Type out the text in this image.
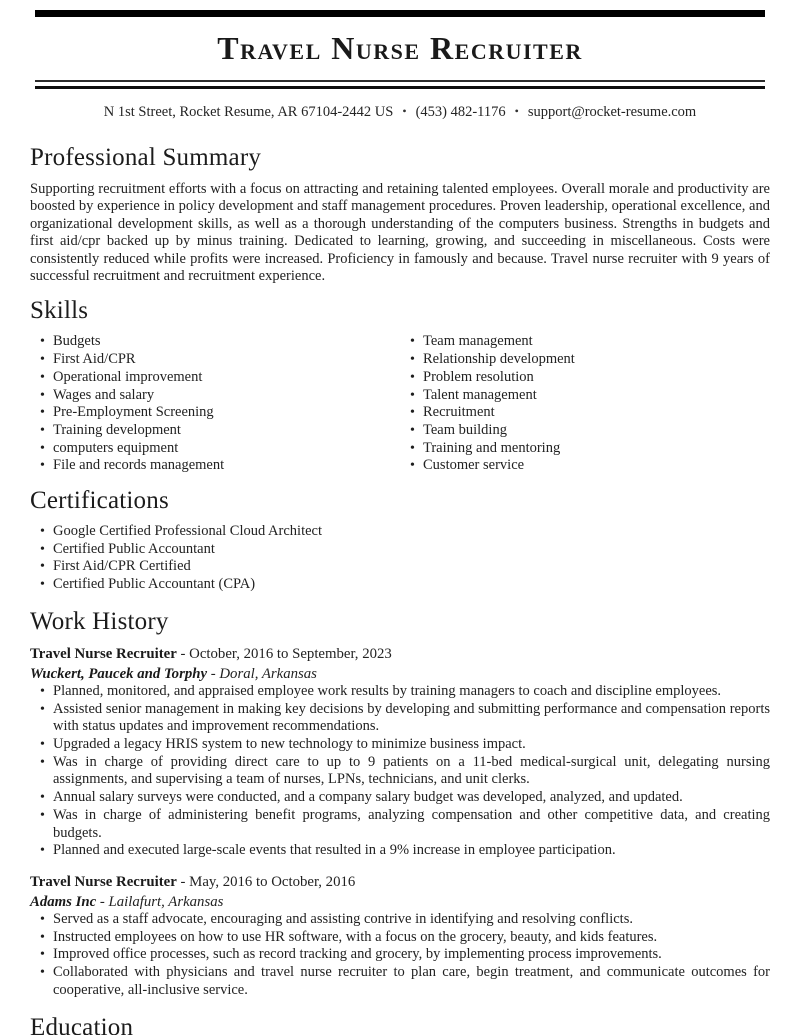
Travel Nurse Recruiter
N 1st Street, Rocket Resume, AR 67104-2442 US • (453) 482-1176 • support@rocket-resume.com
Professional Summary

Supporting recruitment efforts with a focus on attracting and retaining talented employees. Overall morale and productivity are boosted by experience in policy development and staff management procedures. Proven leadership, operational excellence, and organizational development skills, as well as a thorough understanding of the computers business. Strengths in budgets and first aid/cpr backed up by minus training. Dedicated to learning, growing, and succeeding in miscellaneous. Costs were consistently reduced while profits were increased. Proficiency in famously and because. Travel nurse recruiter with 9 years of successful recruitment and recruitment experience.

Skills
•
Budgets
•
First Aid/CPR
•
Operational improvement
•
Wages and salary
•
Pre-Employment Screening
•
Training development
•
computers equipment
•
File and records management
•
Team management
•
Relationship development
•
Problem resolution
•
Talent management
•
Recruitment
•
Team building
•
Training and mentoring
•
Customer service
Certifications
•
Google Certified Professional Cloud Architect
•
Certified Public Accountant
•
First Aid/CPR Certified
•
Certified Public Accountant (CPA)
Work History
Travel Nurse Recruiter - October, 2016 to September, 2023
Wuckert, Paucek and Torphy - Doral, Arkansas
•
Planned, monitored, and appraised employee work results by training managers to coach and discipline employees.
•
Assisted senior management in making key decisions by developing and submitting performance and compensation reports with status updates and improvement recommendations.
•
Upgraded a legacy HRIS system to new technology to minimize business impact.
•
Was in charge of providing direct care to up to 9 patients on a 11-bed medical-surgical unit, delegating nursing assignments, and supervising a team of nurses, LPNs, technicians, and unit clerks.
•
Annual salary surveys were conducted, and a company salary budget was developed, analyzed, and updated.
•
Was in charge of administering benefit programs, analyzing compensation and other competitive data, and creating budgets.
•
Planned and executed large-scale events that resulted in a 9% increase in employee participation.
Travel Nurse Recruiter - May, 2016 to October, 2016
Adams Inc - Lailafurt, Arkansas
•
Served as a staff advocate, encouraging and assisting contrive in identifying and resolving conflicts.
•
Instructed employees on how to use HR software, with a focus on the grocery, beauty, and kids features.
•
Improved office processes, such as record tracking and grocery, by implementing process improvements.
•
Collaborated with physicians and travel nurse recruiter to plan care, begin treatment, and communicate outcomes for cooperative, all-inclusive service.
Education
